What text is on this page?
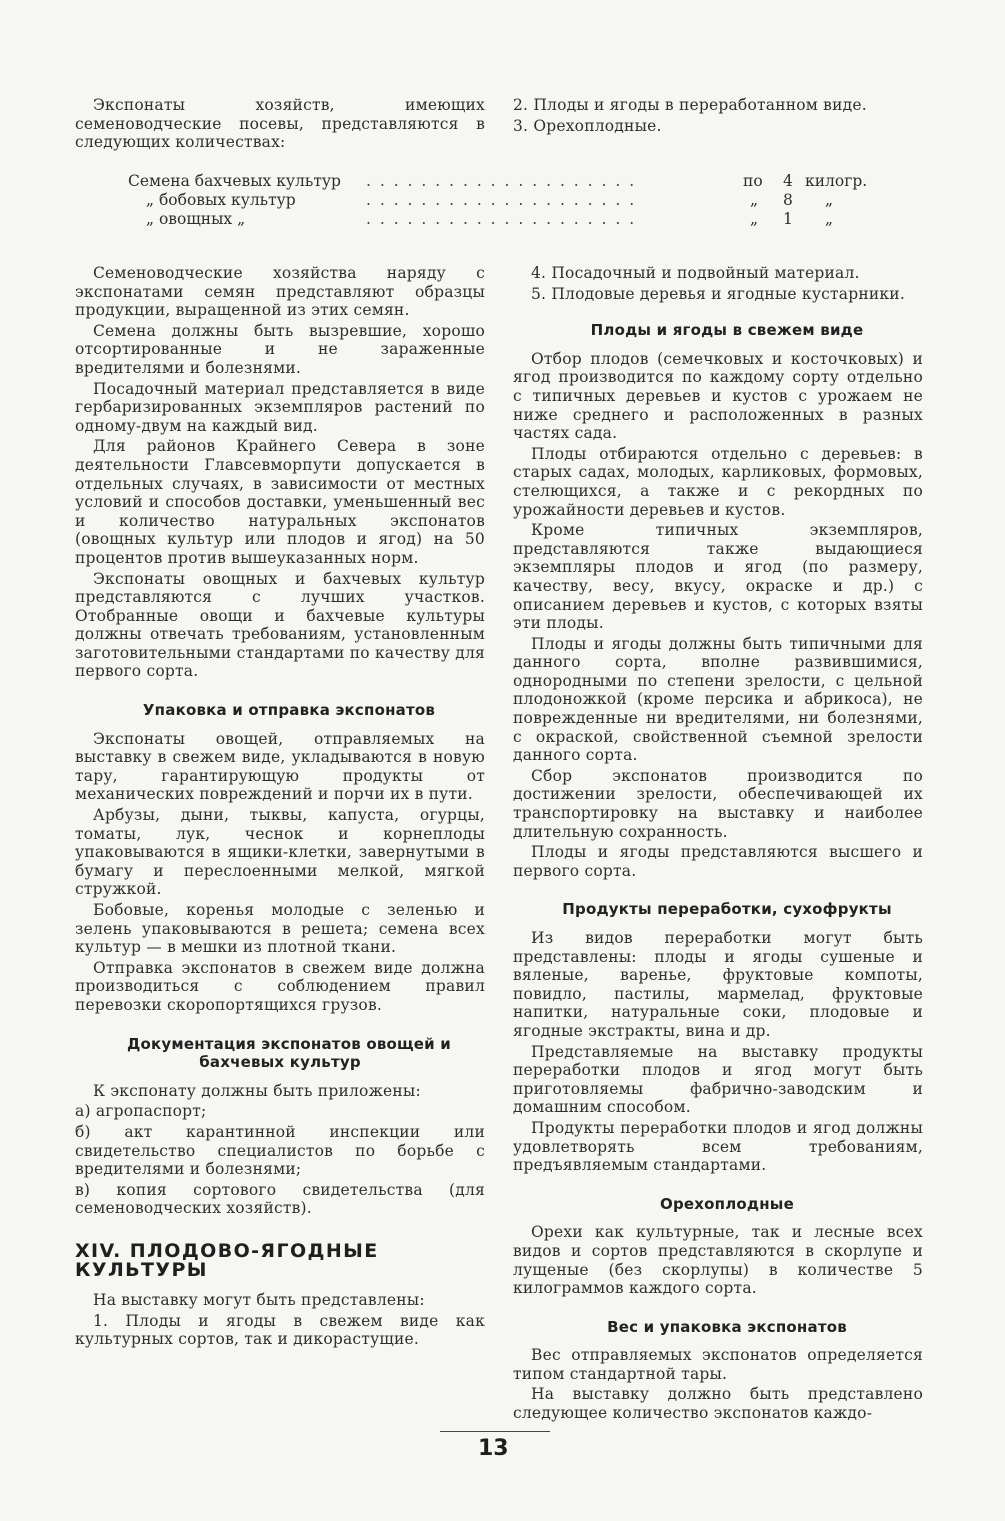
Экспонаты хозяйств, имеющих семеноводческие посевы, представляются в следующих количествах:

2. Плоды и ягоды в переработанном виде.

3. Орехоплодные.

Семена бахчевых культур . . . . . . . . . . . . . . . . . . . .	по 4 килогр.
„ бобовых культур	. . . . . . . . . . . . . . . . . . . .	„ 8 „
„ овощных „	. . . . . . . . . . . . . . . . . . . .	„ 1 „

Семеноводческие хозяйства наряду с экспонатами семян представляют образцы продукции, выращенной из этих семян.

Семена должны быть вызревшие, хорошо отсортированные и не зараженные вредителями и болезнями.

Посадочный материал представляется в виде гербаризированных экземпляров растений по одному-двум на каждый вид.

Для районов Крайнего Севера в зоне деятельности Главсевморпути допускается в отдельных случаях, в зависимости от местных условий и способов доставки, уменьшенный вес и количество натуральных экспонатов (овощных культур или плодов и ягод) на 50 процентов против вышеуказанных норм.

Экспонаты овощных и бахчевых культур представляются с лучших участков. Отобранные овощи и бахчевые культуры должны отвечать требованиям, установленным заготовительными стандартами по качеству для первого сорта.

Упаковка и отправка экспонатов

Экспонаты овощей, отправляемых на выставку в свежем виде, укладываются в новую тару, гарантирующую продукты от механических повреждений и порчи их в пути.

Арбузы, дыни, тыквы, капуста, огурцы, томаты, лук, чеснок и корнеплоды упаковываются в ящики-клетки, завернутыми в бумагу и переслоенными мелкой, мягкой стружкой.

Бобовые, коренья молодые с зеленью и зелень упаковываются в решета; семена всех культур — в мешки из плотной ткани.

Отправка экспонатов в свежем виде должна производиться с соблюдением правил перевозки скоропортящихся грузов.

Документация экспонатов овощей и бахчевых культур

К экспонату должны быть приложены:

а) агропаспорт;

б) акт карантинной инспекции или свидетельство специалистов по борьбе с вредителями и болезнями;

в) копия сортового свидетельства (для семеноводческих хозяйств).

XIV. ПЛОДОВО-ЯГОДНЫЕ КУЛЬТУРЫ

На выставку могут быть представлены:

1. Плоды и ягоды в свежем виде как культурных сортов, так и дикорастущие.

4. Посадочный и подвойный материал.

5. Плодовые деревья и ягодные кустарники.

Плоды и ягоды в свежем виде

Отбор плодов (семечковых и косточковых) и ягод производится по каждому сорту отдельно с типичных деревьев и кустов с урожаем не ниже среднего и расположенных в разных частях сада.

Плоды отбираются отдельно с деревьев: в старых садах, молодых, карликовых, формовых, стелющихся, а также и с рекордных по урожайности деревьев и кустов.

Кроме типичных экземпляров, представляются также выдающиеся экземпляры плодов и ягод (по размеру, качеству, весу, вкусу, окраске и др.) с описанием деревьев и кустов, с которых взяты эти плоды.

Плоды и ягоды должны быть типичными для данного сорта, вполне развившимися, однородными по степени зрелости, с цельной плодоножкой (кроме персика и абрикоса), не поврежденные ни вредителями, ни болезнями, с окраской, свойственной съемной зрелости данного сорта.

Сбор экспонатов производится по достижении зрелости, обеспечивающей их транспортировку на выставку и наиболее длительную сохранность.

Плоды и ягоды представляются высшего и первого сорта.

Продукты переработки, сухофрукты

Из видов переработки могут быть представлены: плоды и ягоды сушеные и вяленые, варенье, фруктовые компоты, повидло, пастилы, мармелад, фруктовые напитки, натуральные соки, плодовые и ягодные экстракты, вина и др.

Представляемые на выставку продукты переработки плодов и ягод могут быть приготовляемы фабрично-заводским и домашним способом.

Продукты переработки плодов и ягод должны удовлетворять всем требованиям, предъявляемым стандартами.

Орехоплодные

Орехи как культурные, так и лесные всех видов и сортов представляются в скорлупе и лущеные (без скорлупы) в количестве 5 килограммов каждого сорта.

Вес и упаковка экспонатов

Вес отправляемых экспонатов определяется типом стандартной тары.

На выставку должно быть представлено следующее количество экспонатов каждо-

13
